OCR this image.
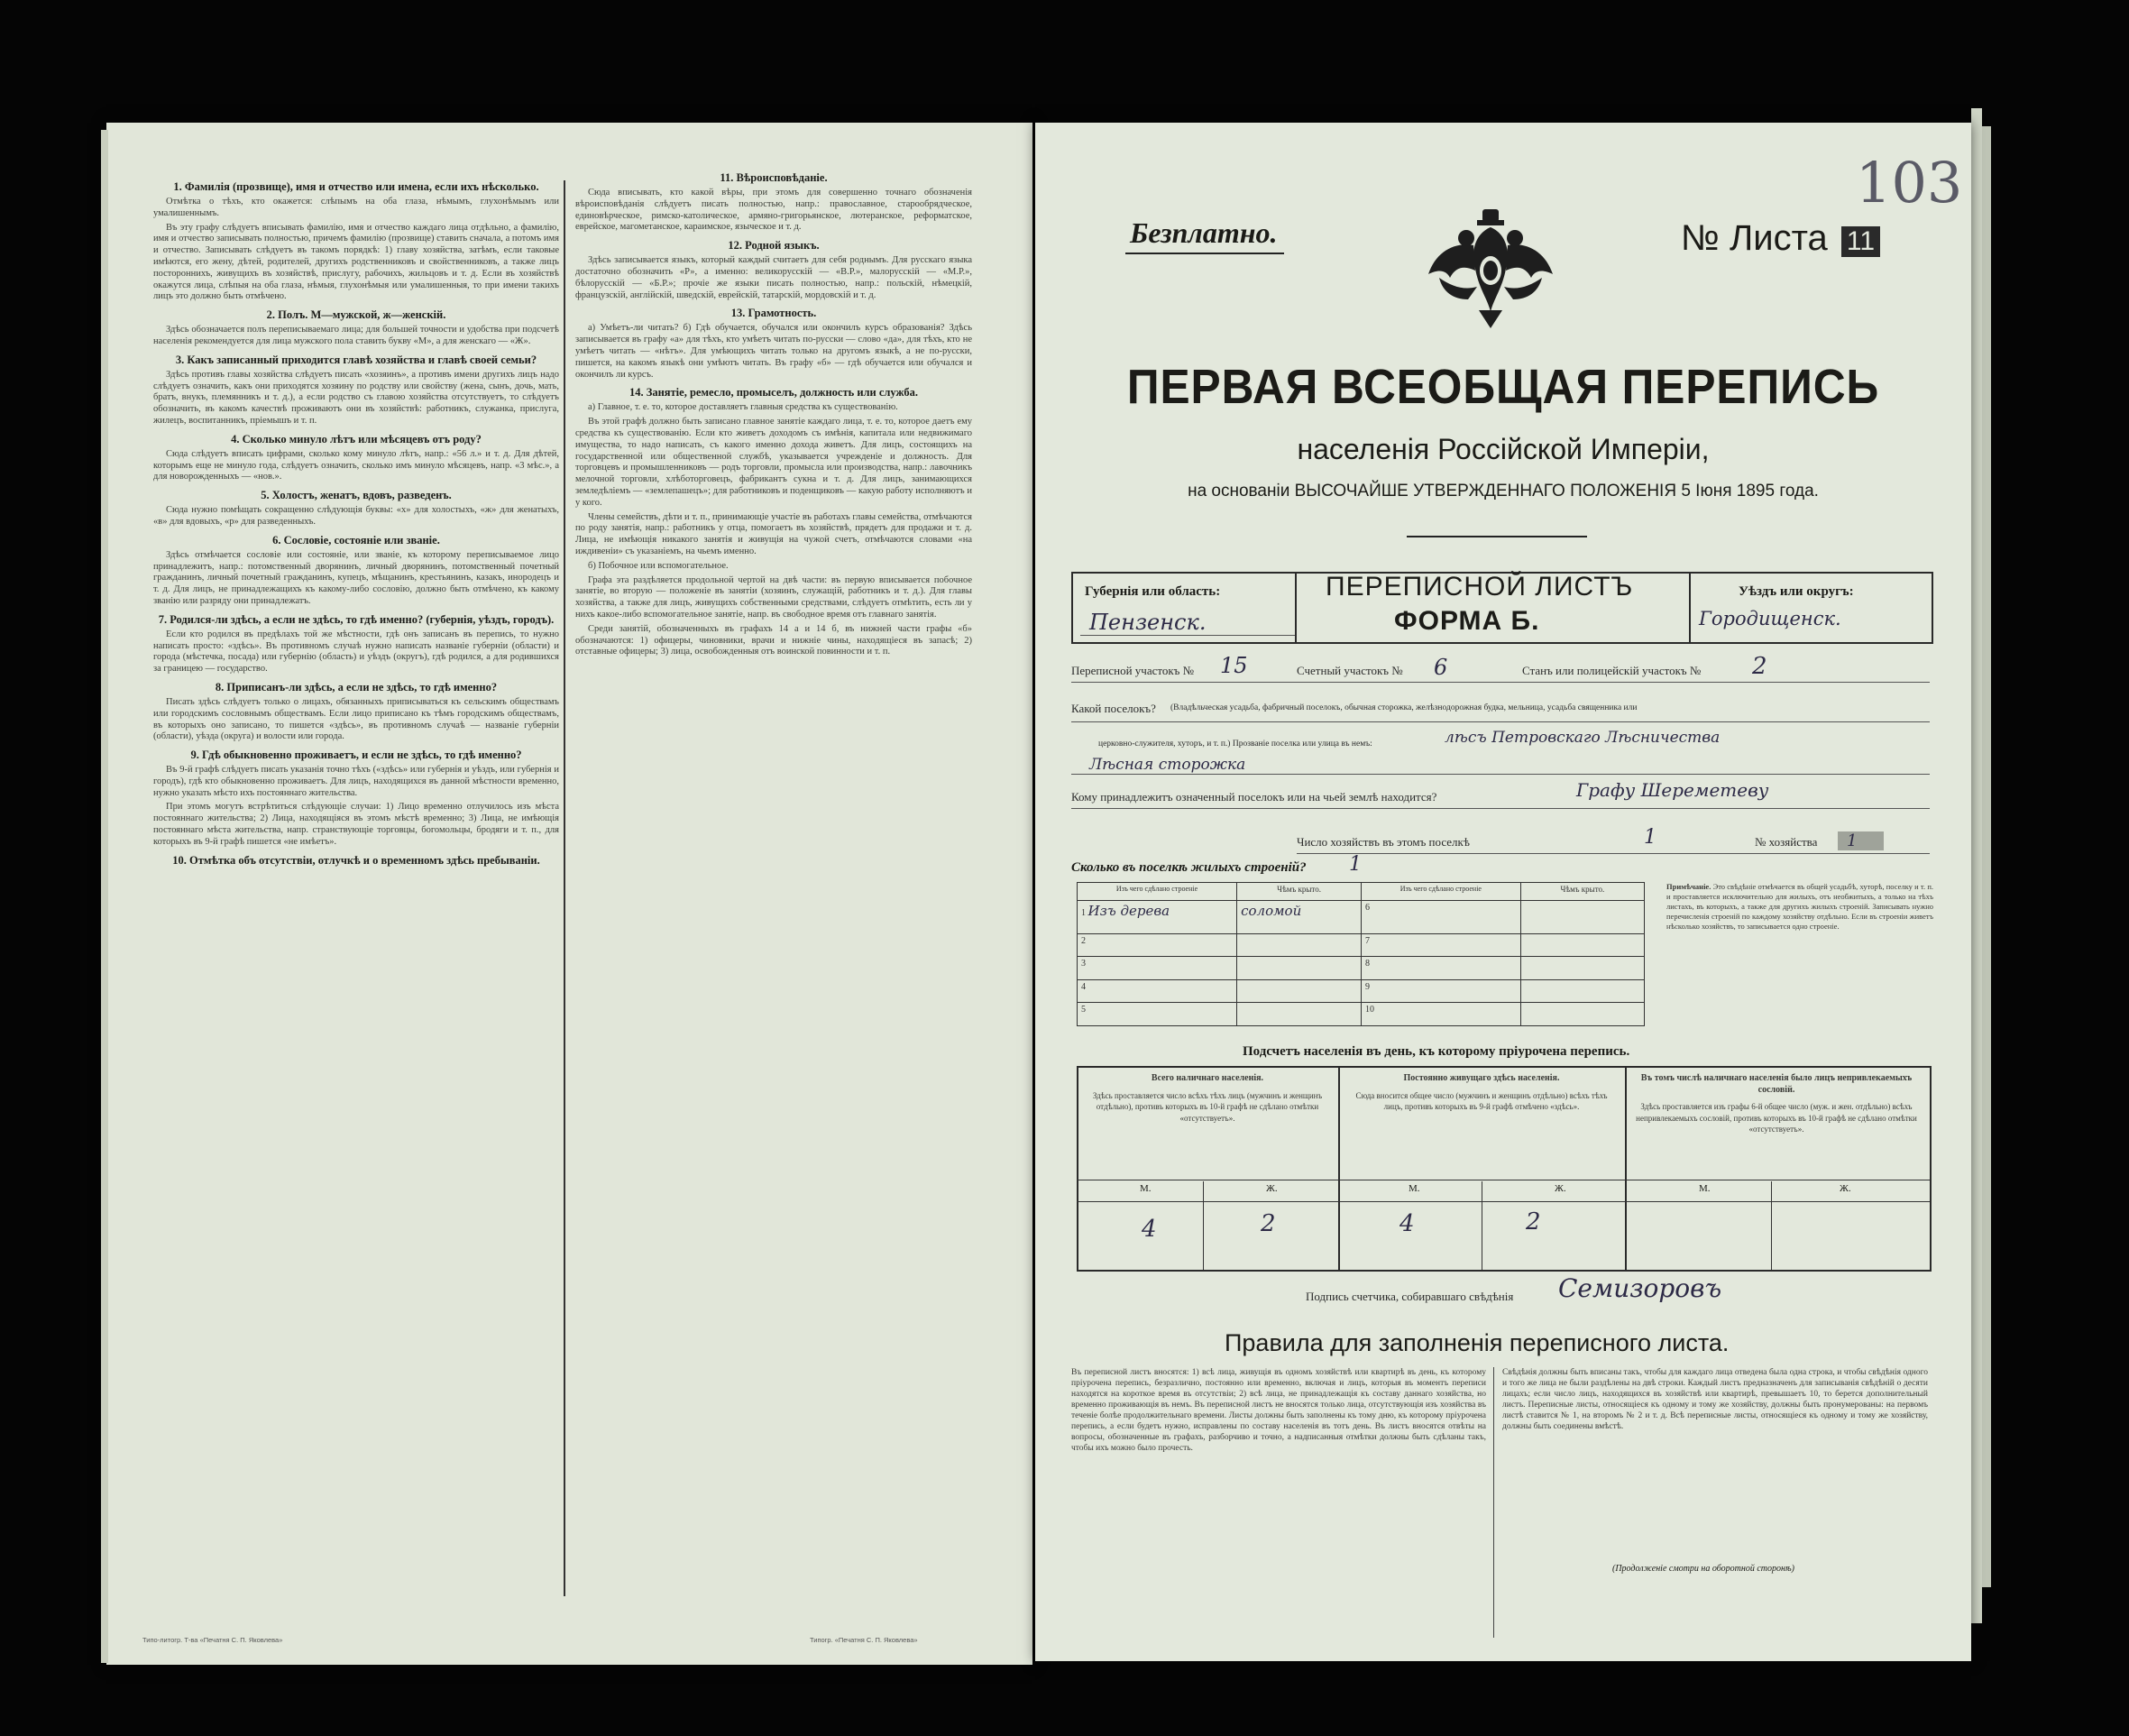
1. Фамилія (прозвище), имя и отчество или именa, если ихъ нѣсколько.

Отмѣтка о тѣхъ, кто окажется: слѣпымъ на оба глаза, нѣмымъ, глухонѣмымъ или умалишеннымъ.

Въ эту графу слѣдуетъ вписывать фамилію, имя и отчество каждаго лица отдѣльно, а фамилію, имя и отчество записывать полностью, причемъ фамилію (прозвище) ставить сначала, а потомъ имя и отчество. Записывать слѣдуетъ въ такомъ порядкѣ: 1) главу хозяйства, затѣмъ, если таковые имѣются, его жену, дѣтей, родителей, другихъ родственниковъ и свойственниковъ, а также лицъ постороннихъ, живущихъ въ хозяйствѣ, прислугу, рабочихъ, жильцовъ и т. д. Если въ хозяйствѣ окажутся лица, слѣпыя на оба глаза, нѣмыя, глухонѣмыя или умалишенныя, то при имени такихъ лицъ это должно быть отмѣчено.

2. Полъ. М—мужской, ж—женскій.

Здѣсь обозначается полъ переписываемаго лица; для большей точности и удобства при подсчетѣ населенія рекомендуется для лица мужского пола ставить букву «М», а для женскаго — «Ж».

3. Какъ записанный приходится главѣ хозяйства и главѣ своей семьи?

Здѣсь противъ главы хозяйства слѣдуетъ писать «хозяинъ», а противъ имени другихъ лицъ надо слѣдуетъ означить, какъ они приходятся хозяину по родству или свойству (жена, сынъ, дочь, мать, братъ, внукъ, племянникъ и т. д.), а если родство съ главою хозяйства отсутствуетъ, то слѣдуетъ обозначить, въ какомъ качествѣ проживаютъ они въ хозяйствѣ: работникъ, служанка, прислуга, жилецъ, воспитанникъ, пріемышъ и т. п.

4. Сколько минуло лѣтъ или мѣсяцевъ отъ роду?

Сюда слѣдуетъ вписать цифрами, сколько кому минуло лѣтъ, напр.: «56 л.» и т. д. Для дѣтей, которымъ еще не минуло года, слѣдуетъ означить, сколько имъ минуло мѣсяцевъ, напр. «3 мѣс.», а для новорожденныхъ — «нов.».

5. Холостъ, женатъ, вдовъ, разведенъ.

Сюда нужно помѣщать сокращенно слѣдующія буквы: «х» для холостыхъ, «ж» для женатыхъ, «в» для вдовыхъ, «р» для разведенныхъ.

6. Сословіе, состояніе или званіе.

Здѣсь отмѣчается сословіе или состояніе, или званіе, къ которому переписываемое лицо принадлежитъ, напр.: потомственный дворянинъ, личный дворянинъ, потомственный почетный гражданинъ, личный почетный гражданинъ, купецъ, мѣщанинъ, крестьянинъ, казакъ, инородецъ и т. д. Для лицъ, не принадлежащихъ къ какому-либо сословію, должно быть отмѣчено, къ какому званію или разряду они принадлежатъ.

7. Родился-ли здѣсь, а если не здѣсь, то гдѣ именно? (губернія, уѣздъ, городъ).

Если кто родился въ предѣлахъ той же мѣстности, гдѣ онъ записанъ въ перепись, то нужно написать просто: «здѣсь». Въ противномъ случаѣ нужно написать названіе губерніи (области) и города (мѣстечка, посада) или губернію (область) и уѣздъ (округъ), гдѣ родился, а для родившихся за границею — государство.

8. Приписанъ-ли здѣсь, а если не здѣсь, то гдѣ именно?

Писать здѣсь слѣдуетъ только о лицахъ, обязанныхъ приписываться къ сельскимъ обществамъ или городскимъ сословнымъ обществамъ. Если лицо приписано къ тѣмъ городскимъ обществамъ, въ которыхъ оно записано, то пишется «здѣсь», въ противномъ случаѣ — названіе губерніи (области), уѣзда (округа) и волости или города.

9. Гдѣ обыкновенно проживаетъ, и если не здѣсь, то гдѣ именно?

Въ 9-й графѣ слѣдуетъ писать указанія точно тѣхъ («здѣсь» или губернія и уѣздъ, или губернія и городъ), гдѣ кто обыкновенно проживаетъ. Для лицъ, находящихся въ данной мѣстности временно, нужно указать мѣсто ихъ постояннаго жительства.

При этомъ могутъ встрѣтиться слѣдующіе случаи: 1) Лицо временно отлучилось изъ мѣста постояннаго жительства; 2) Лица, находящіяся въ этомъ мѣстѣ временно; 3) Лица, не имѣющія постояннаго мѣста жительства, напр. странствующіе торговцы, богомольцы, бродяги и т. п., для которыхъ въ 9-й графѣ пишется «не имѣетъ».

10. Отмѣтка объ отсутствіи, отлучкѣ и о временномъ здѣсь пребываніи.
11. Вѣроисповѣданіе.

Сюда вписывать, кто какой вѣры, при этомъ для совершенно точнаго обозначенія вѣроисповѣданія слѣдуетъ писать полностью, напр.: православное, старообрядческое, единовѣрческое, римско-католическое, армяно-григорьянское, лютеранское, реформатское, еврейское, магометанское, караимское, языческое и т. д.

12. Родной языкъ.

Здѣсь записывается языкъ, который каждый считаетъ для себя роднымъ. Для русскаго языка достаточно обозначить «Р», а именно: великорусскій — «В.Р.», малорусскій — «М.Р.», бѣлорусскій — «Б.Р.»; прочіе же языки писать полностью, напр.: польскій, нѣмецкій, французскій, англійскій, шведскій, еврейскій, татарскій, мордовскій и т. д.

13. Грамотность.

а) Умѣетъ-ли читать? б) Гдѣ обучается, обучался или окончилъ курсъ образованія? Здѣсь записывается въ графу «а» для тѣхъ, кто умѣетъ читать по-русски — слово «да», для тѣхъ, кто не умѣетъ читать — «нѣтъ». Для умѣющихъ читать только на другомъ языкѣ, а не по-русски, пишется, на какомъ языкѣ они умѣютъ читать. Въ графу «б» — гдѣ обучается или обучался и окончилъ ли курсъ.

14. Занятіе, ремесло, промыселъ, должность или служба.

а) Главное, т. е. то, которое доставляетъ главныя средства къ существованію.

Въ этой графѣ должно быть записано главное занятіе каждаго лица, т. е. то, которое даетъ ему средства къ существованію. Если кто живетъ доходомъ съ имѣнія, капитала или недвижимаго имущества, то надо написать, съ какого именно дохода живетъ. Для лицъ, состоящихъ на государственной или общественной службѣ, указывается учрежденіе и должность. Для торговцевъ и промышленниковъ — родъ торговли, промысла или производства, напр.: лавочникъ мелочной торговли, хлѣботорговецъ, фабрикантъ сукна и т. д. Для лицъ, занимающихся земледѣліемъ — «землепашецъ»; для работниковъ и поденщиковъ — какую работу исполняютъ и у кого.

Члены семействъ, дѣти и т. п., принимающіе участіе въ работахъ главы семейства, отмѣчаются по роду занятія, напр.: работникъ у отца, помогаетъ въ хозяйствѣ, прядетъ для продажи и т. д. Лица, не имѣющія никакого занятія и живущія на чужой счетъ, отмѣчаются словами «на иждивеніи» съ указаніемъ, на чьемъ именно.

б) Побочное или вспомогательное.

Графа эта раздѣляется продольной чертой на двѣ части: въ первую вписывается побочное занятіе, во вторую — положеніе въ занятіи (хозяинъ, служащій, работникъ и т. д.). Для главы хозяйства, а также для лицъ, живущихъ собственными средствами, слѣдуетъ отмѣтить, есть ли у нихъ какое-либо вспомогательное занятіе, напр. въ свободное время отъ главнаго занятія.

Среди занятій, обозначенныхъ въ графахъ 14 а и 14 б, въ нижней части графы «б» обозначаются: 1) офицеры, чиновники, врачи и нижніе чины, находящіеся въ запасѣ; 2) отставные офицеры; 3) лица, освобожденныя отъ воинской повинности и т. п.

Типо-литогр. Т-ва «Печатня С. П. Яковлева»	Типогр. «Печатня С. П. Яковлева»
103
Безплатно.	№ Листа 11
ПЕРВАЯ ВСЕОБЩАЯ ПЕРЕПИСЬ
населенія Россійской Имперіи,
на основаніи ВЫСОЧАЙШЕ УТВЕРЖДЕННАГО ПОЛОЖЕНІЯ 5 Іюня 1895 года.
Губернія или область:
Пензенск.
ПЕРЕПИСНОЙ ЛИСТЪ
ФОРМА Б.
Уѣздъ или округъ:
Городищенск.
Переписной участокъ № 15	Счетный участокъ № 6	Станъ или полицейскій участокъ № 2
Какой поселокъ? (Владѣльческая усадьба, фабричный поселокъ, обычная сторожка, желѣзнодорожная будка, мельница, усадьба священника или
церковно-служителя, хуторъ, и т. п.) Прозваніе поселка или улица въ немъ:	лѣсъ Петровскаго Лѣсничества
Лѣсная сторожка
Кому принадлежитъ означенный поселокъ или на чьей землѣ находится?	Графу Шереметеву
Число хозяйствъ въ этомъ поселкѣ	1	№ хозяйства	1
Сколько въ поселкѣ жилыхъ строеній? 1
Изъ чего сдѣлано строеніе	Чѣмъ крыто.	Изъ чего сдѣлано строеніе	Чѣмъ крыто.
1 Изъ дерева	соломой	6	
2		7	
3		8	
4		9	
5		10	
Примѣчаніе. Это свѣдѣніе отмѣчается въ общей усадьбѣ, хуторѣ, поселку и т. п. и проставляется исключительно для жилыхъ, отъ необжитыхъ, а только на тѣхъ листахъ, въ которыхъ, а также для другихъ жилыхъ строеній. Записывать нужно перечисленія строеній по каждому хозяйству отдѣльно. Если въ строеніи живетъ нѣсколько хозяйствъ, то записывается одно строеніе.
Подсчетъ населенія въ день, къ которому пріурочена перепись.
Всего наличнаго населенія.
Здѣсь проставляется число всѣхъ тѣхъ лицъ (мужчинъ и женщинъ отдѣльно), противъ которыхъ въ 10-й графѣ не сдѣлано отмѣтки «отсутствуетъ».
Постоянно живущаго здѣсь населенія.
Сюда вносится общее число (мужчинъ и женщинъ отдѣльно) всѣхъ тѣхъ лицъ, противъ которыхъ въ 9-й графѣ отмѣчено «здѣсь».
Въ томъ числѣ наличнаго населенія было лицъ непривлекаемыхъ сословій.
Здѣсь проставляется изъ графы 6-й общее число (муж. и жен. отдѣльно) всѣхъ непривлекаемыхъ сословій, противъ которыхъ въ 10-й графѣ не сдѣлано отмѣтки «отсутствуетъ».
М.	Ж.	М.	Ж.	М.	Ж.
4	2	4	2
Подпись счетчика, собиравшаго свѣдѣнія Семизоровъ
Правила для заполненія переписного листа.
Въ переписной листъ вносятся: 1) всѣ лица, живущія въ одномъ хозяйствѣ или квартирѣ въ день, къ которому пріурочена перепись, безразлично, постоянно или временно, включая и лицъ, которыя въ моментъ переписи находятся на короткое время въ отсутствіи; 2) всѣ лица, не принадлежащія къ составу даннаго хозяйства, но временно проживающія въ немъ. Въ переписной листъ не вносятся только лица, отсутствующія изъ хозяйства въ теченіе болѣе продолжительнаго времени. Листы должны быть заполнены къ тому дню, къ которому пріурочена перепись, а если будетъ нужно, исправлены по составу населенія въ тотъ день. Въ листъ вносятся отвѣты на вопросы, обозначенные въ графахъ, разборчиво и точно, а надписанныя отмѣтки должны быть сдѣланы такъ, чтобы ихъ можно было прочесть.
Свѣдѣнія должны быть вписаны такъ, чтобы для каждаго лица отведена была одна строка, и чтобы свѣдѣнія одного и того же лица не были раздѣлены на двѣ строки. Каждый листъ предназначенъ для записыванія свѣдѣній о десяти лицахъ; если число лицъ, находящихся въ хозяйствѣ или квартирѣ, превышаетъ 10, то берется дополнительный листъ. Переписные листы, относящіеся къ одному и тому же хозяйству, должны быть пронумерованы: на первомъ листѣ ставится № 1, на второмъ № 2 и т. д. Всѣ переписные листы, относящіеся къ одному и тому же хозяйству, должны быть соединены вмѣстѣ.
(Продолженіе смотри на оборотной сторонѣ)
